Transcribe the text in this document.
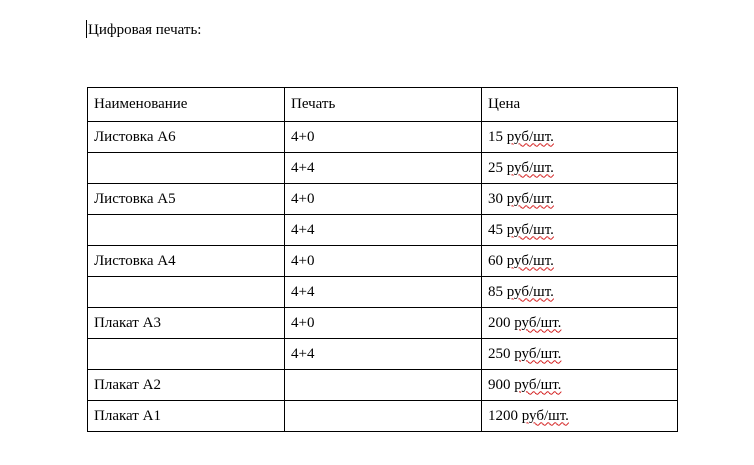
Цифровая печать:
Наименование	Печать	Цена
Листовка А6	4+0	15 руб/шт.
	4+4	25 руб/шт.
Листовка А5	4+0	30 руб/шт.
	4+4	45 руб/шт.
Листовка А4	4+0	60 руб/шт.
	4+4	85 руб/шт.
Плакат А3	4+0	200 руб/шт.
	4+4	250 руб/шт.
Плакат А2		900 руб/шт.
Плакат А1		1200 руб/шт.
